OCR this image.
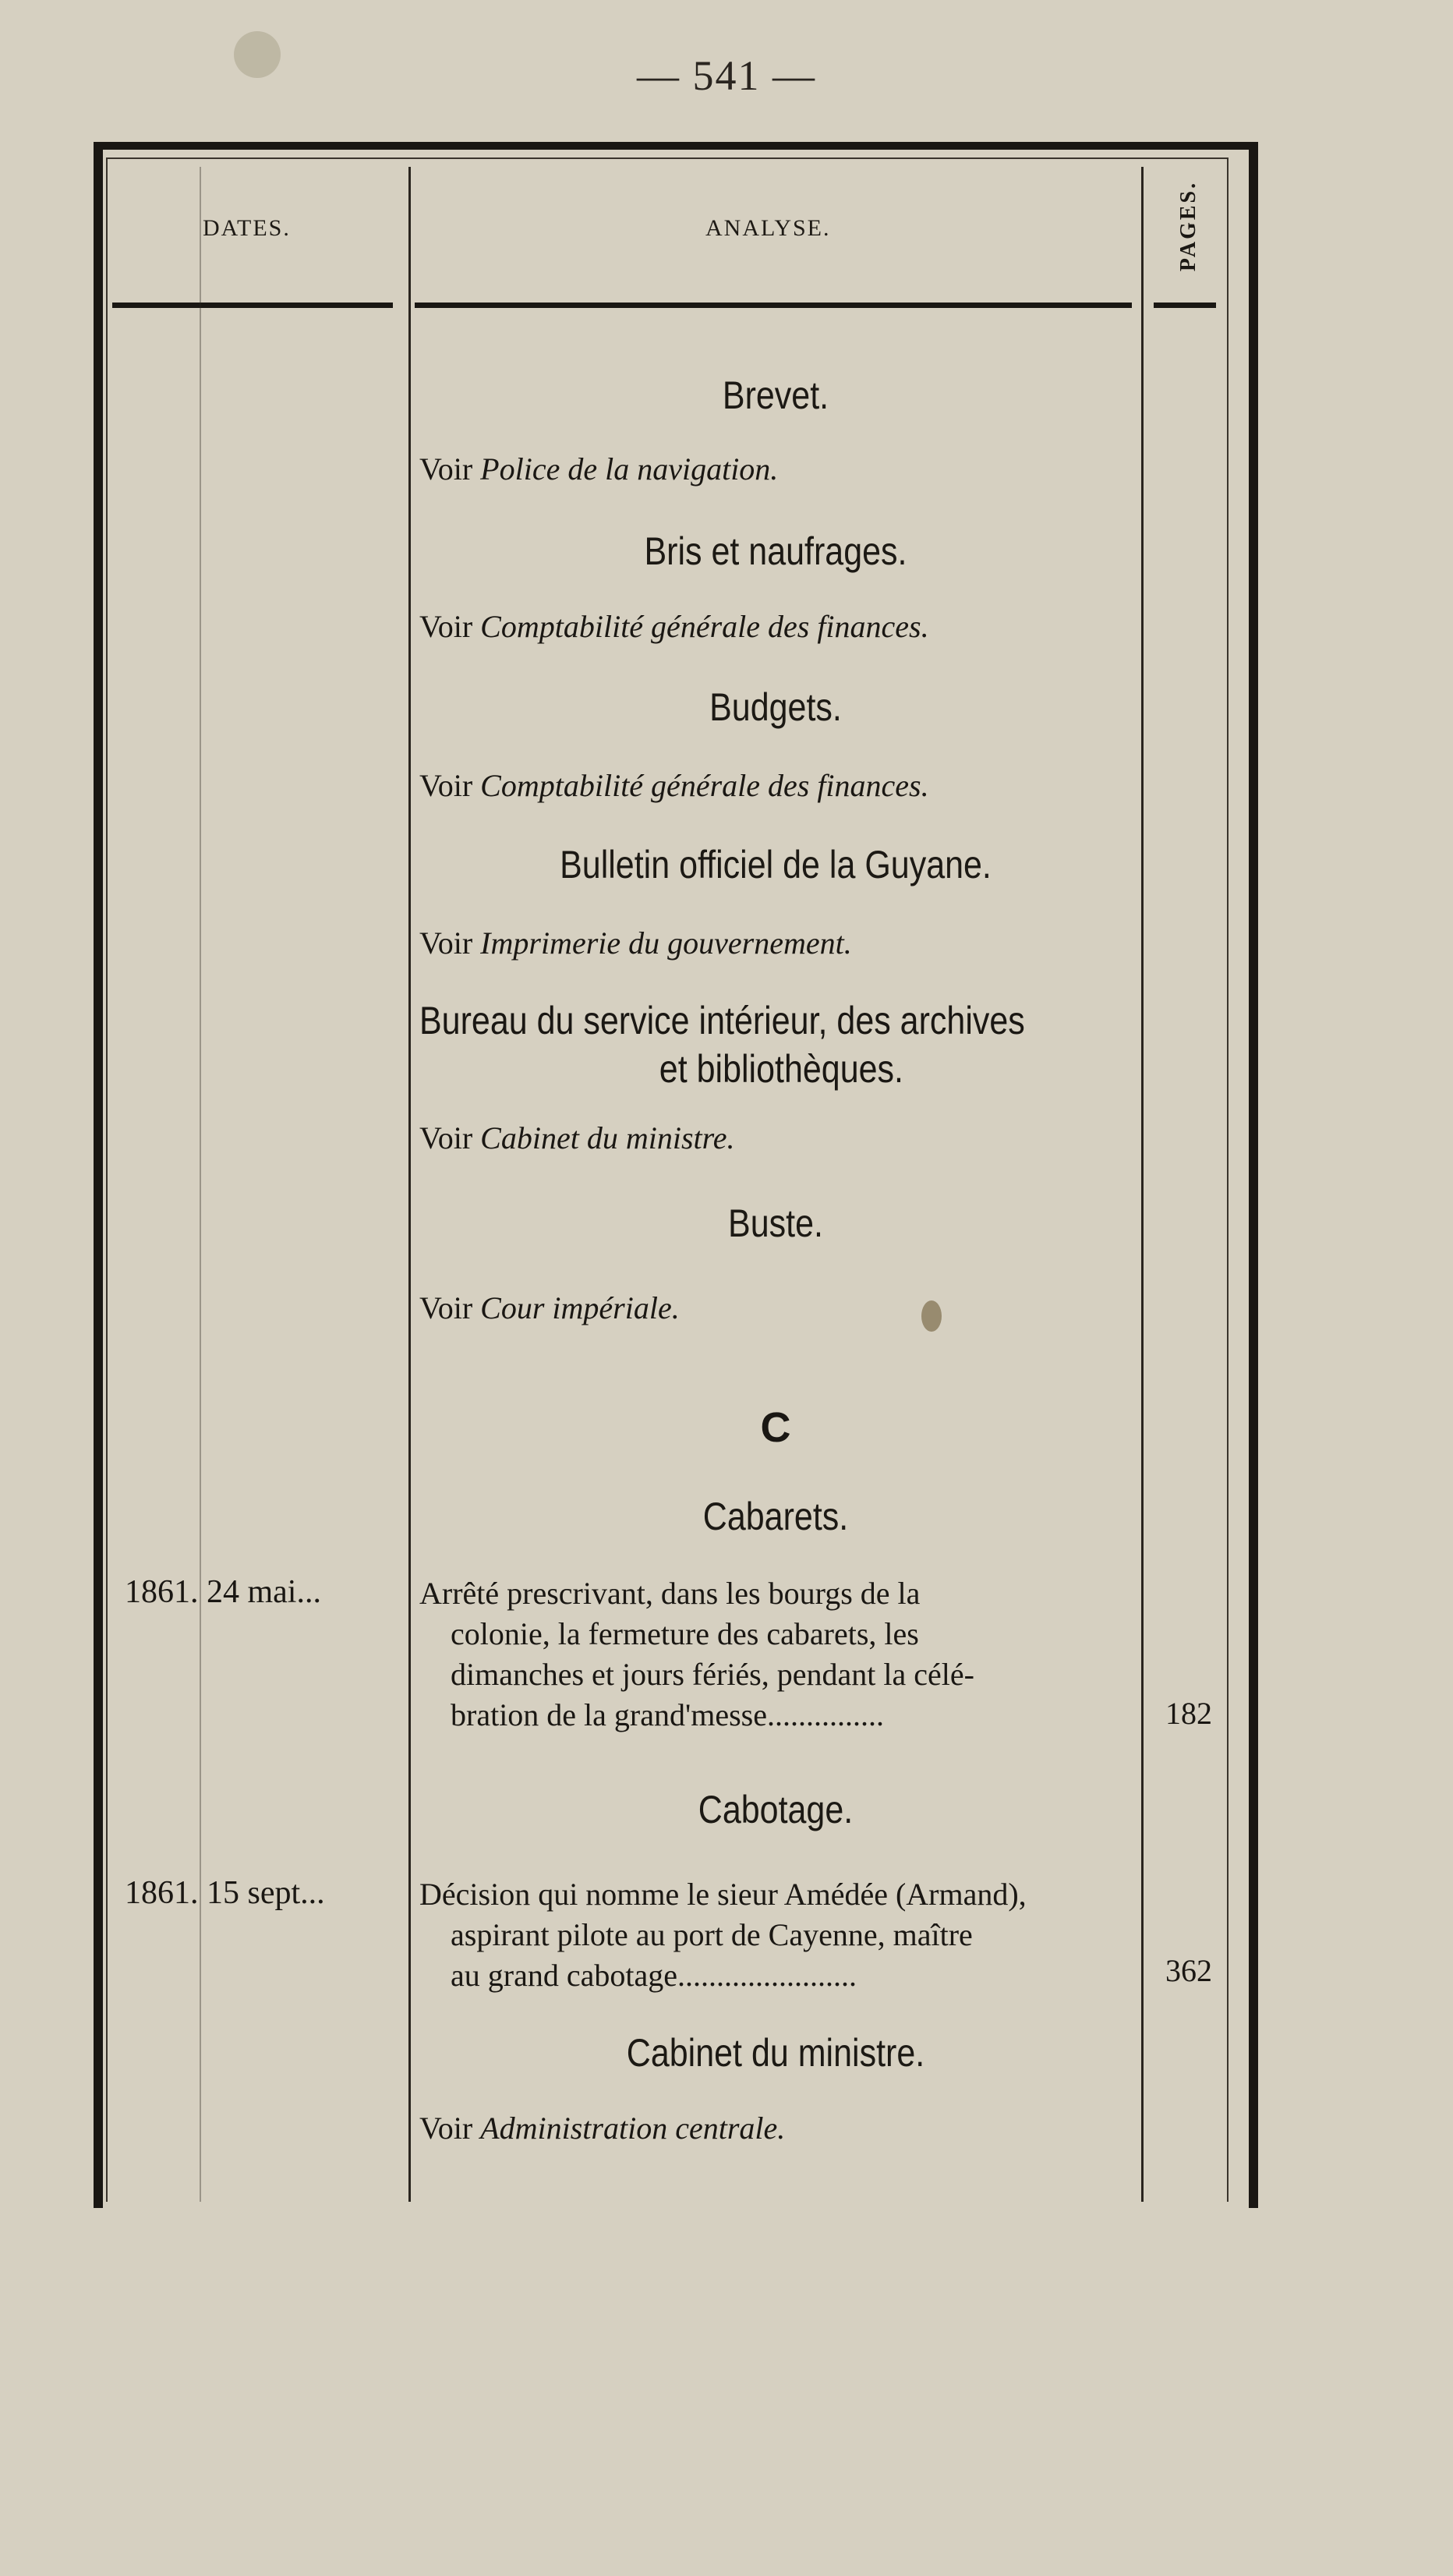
— 541 —
DATES.	ANALYSE.	PAGES.
Brevet.
Voir Police de la navigation.
Bris et naufrages.
Voir Comptabilité générale des finances.
Budgets.
Voir Comptabilité générale des finances.
Bulletin officiel de la Guyane.
Voir Imprimerie du gouvernement.
Bureau du service intérieur, des archives
et bibliothèques.
Voir Cabinet du ministre.
Buste.
Voir Cour impériale.
C
Cabarets.
1861. 24 mai...	Arrêté prescrivant, dans les bourgs de la
colonie, la fermeture des cabarets, les
dimanches et jours fériés, pendant la célé-
bration de la grand'messe...............	182
Cabotage.
1861. 15 sept...	Décision qui nomme le sieur Amédée (Armand),
aspirant pilote au port de Cayenne, maître
au grand cabotage.......................	362
Cabinet du ministre.
Voir Administration centrale.
